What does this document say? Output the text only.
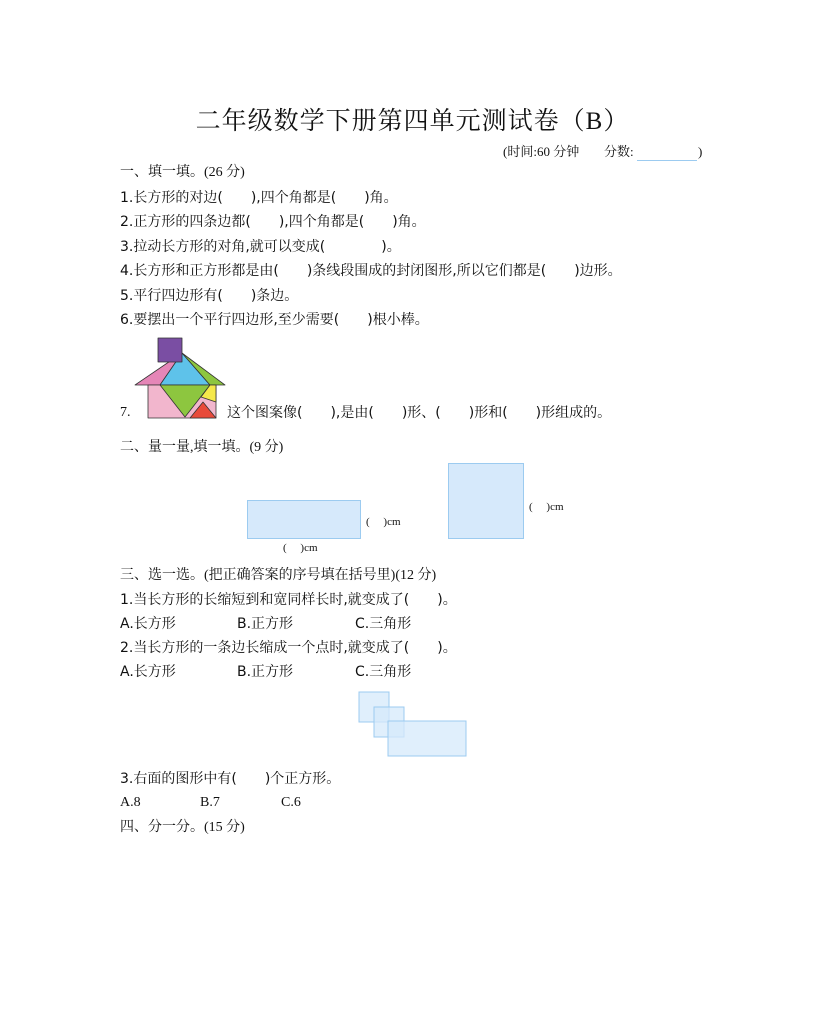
二年级数学下册第四单元测试卷（B）
(时间:60 分钟 分数:	)
一、填一填。(26 分)
1.长方形的对边(　　),四个角都是(　　)角。
2.正方形的四条边都(　　),四个角都是(　　)角。
3.拉动长方形的对角,就可以变成(　　　　)。
4.长方形和正方形都是由(　　)条线段围成的封闭图形,所以它们都是(　　)边形。
5.平行四边形有(　　)条边。
6.要摆出一个平行四边形,至少需要(　　)根小棒。
7.	这个图案像(　　),是由(　　)形、(　　)形和(　　)形组成的。
二、量一量,填一填。(9 分)
(　 )cm
(　 )cm
(　 )cm
三、选一选。(把正确答案的序号填在括号里)(12 分)
1.当长方形的长缩短到和宽同样长时,就变成了(　　)。
A.长方形	B.正方形	C.三角形
2.当长方形的一条边长缩成一个点时,就变成了(　　)。
A.长方形	B.正方形	C.三角形
3.右面的图形中有(　　)个正方形。
A.8	B.7	C.6
四、分一分。(15 分)
